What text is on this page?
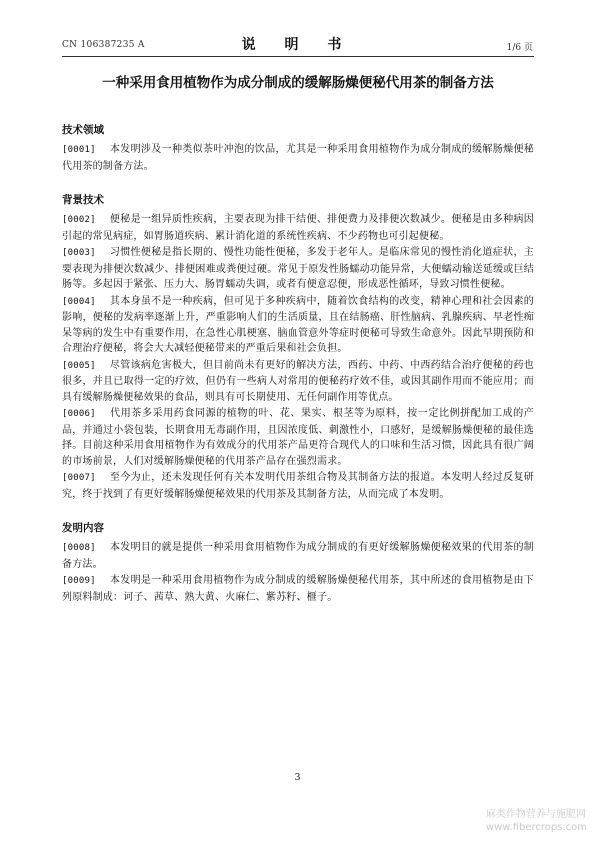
CN 106387235 A	说 明 书	1/6 页
一种采用食用植物作为成分制成的缓解肠燥便秘代用茶的制备方法
技术领域

[0001] 本发明涉及一种类似茶叶冲泡的饮品，尤其是一种采用食用植物作为成分制成的缓解肠燥便秘代用茶的制备方法。

背景技术

[0002] 便秘是一组异质性疾病，主要表现为排干结便、排便费力及排便次数减少。便秘是由多种病因引起的常见病症，如胃肠道疾病、累计消化道的系统性疾病、不少药物也可引起便秘。

[0003] 习惯性便秘是指长期的、慢性功能性便秘，多发于老年人。是临床常见的慢性消化道症状，主要表现为排便次数减少、排便困难或粪便过硬。常见于原发性肠蠕动功能异常，大便蠕动输送延缓或巨结肠等。多起因于紧张、压力大、肠胃蠕动失调，或者有便意忍便，形成恶性循环，导致习惯性便秘。

[0004] 其本身虽不是一种疾病，但可见于多种疾病中，随着饮食结构的改变，精神心理和社会因素的影响，便秘的发病率逐渐上升，严重影响人们的生活质量，且在结肠癌、肝性脑病、乳腺疾病、早老性痴呆等病的发生中有重要作用，在急性心肌梗塞、脑血管意外等症时便秘可导致生命意外。因此早期预防和合理治疗便秘，将会大大减轻便秘带来的严重后果和社会负担。

[0005] 尽管该病危害极大，但目前尚未有更好的解决方法，西药、中药、中西药结合治疗便秘的药也很多，并且已取得一定的疗效，但仍有一些病人对常用的便秘药疗效不佳，或因其副作用而不能应用；而具有缓解肠燥便秘效果的食品，则具有可长期使用、无任何副作用等优点。

[0006] 代用茶多采用药食同源的植物的叶、花、果实、根茎等为原料，按一定比例拼配加工成的产品，并通过小袋包装，长期食用无毒副作用，且因浓度低、刺激性小，口感好，是缓解肠燥便秘的最佳选择。目前这种采用食用植物作为有效成分的代用茶产品更符合现代人的口味和生活习惯，因此具有很广阔的市场前景，人们对缓解肠燥便秘的代用茶产品存在强烈需求。

[0007] 至今为止，还未发现任何有关本发明代用茶组合物及其制备方法的报道。本发明人经过反复研究，终于找到了有更好缓解肠燥便秘效果的代用茶及其制备方法，从而完成了本发明。

发明内容

[0008] 本发明目的就是提供一种采用食用植物作为成分制成的有更好缓解肠燥便秘效果的代用茶的制备方法。

[0009] 本发明是一种采用食用植物作为成分制成的缓解肠燥便秘代用茶，其中所述的食用植物是由下列原料制成：诃子、茜草、熟大黄、火麻仁、紫苏籽、榧子。

3
麻类作物营养与施肥网
www.fibercrops.com
